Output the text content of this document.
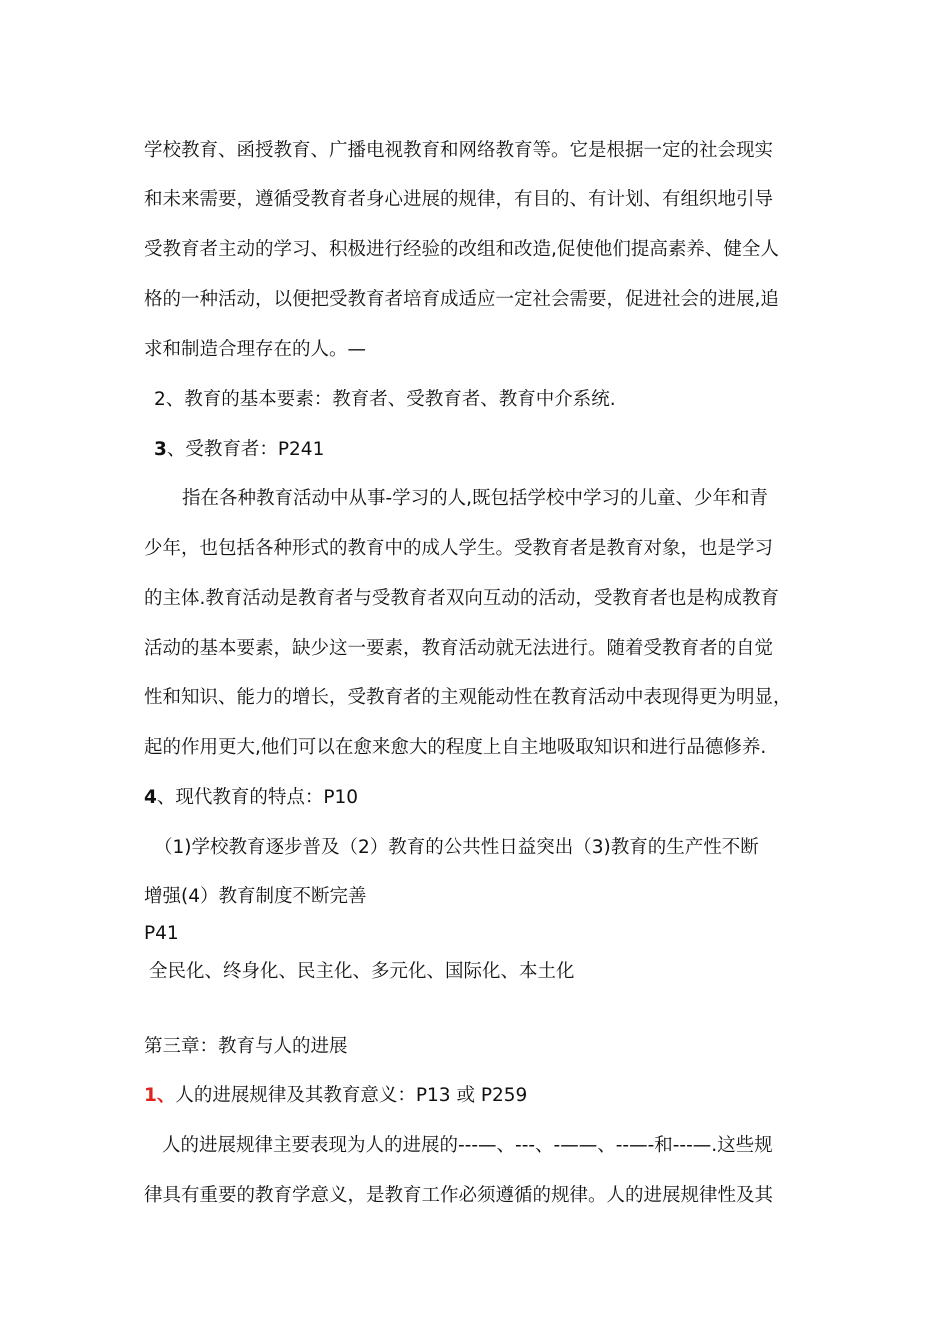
学校教育、函授教育、广播电视教育和网络教育等。它是根据一定的社会现实
和未来需要，遵循受教育者身心进展的规律，有目的、有计划、有组织地引导
受教育者主动的学习、积极进行经验的改组和改造,促使他们提高素养、健全人
格的一种活动，以便把受教育者培育成适应一定社会需要，促进社会的进展,追
求和制造合理存在的人。—
2、教育的基本要素：教育者、受教育者、教育中介系统.
3、受教育者：P241
指在各种教育活动中从事-学习的人,既包括学校中学习的儿童、少年和青
少年，也包括各种形式的教育中的成人学生。受教育者是教育对象，也是学习
的主体.教育活动是教育者与受教育者双向互动的活动，受教育者也是构成教育
活动的基本要素，缺少这一要素，教育活动就无法进行。随着受教育者的自觉
性和知识、能力的增长，受教育者的主观能动性在教育活动中表现得更为明显，
起的作用更大,他们可以在愈来愈大的程度上自主地吸取知识和进行品德修养.
4、现代教育的特点：P10
（1)学校教育逐步普及（2）教育的公共性日益突出（3)教育的生产性不断
增强(4）教育制度不断完善
P41
全民化、终身化、民主化、多元化、国际化、本土化
第三章：教育与人的进展
1、人的进展规律及其教育意义：P13 或 P259
人的进展规律主要表现为人的进展的---—、---、-——、--—-和---—.这些规
律具有重要的教育学意义，是教育工作必须遵循的规律。人的进展规律性及其
